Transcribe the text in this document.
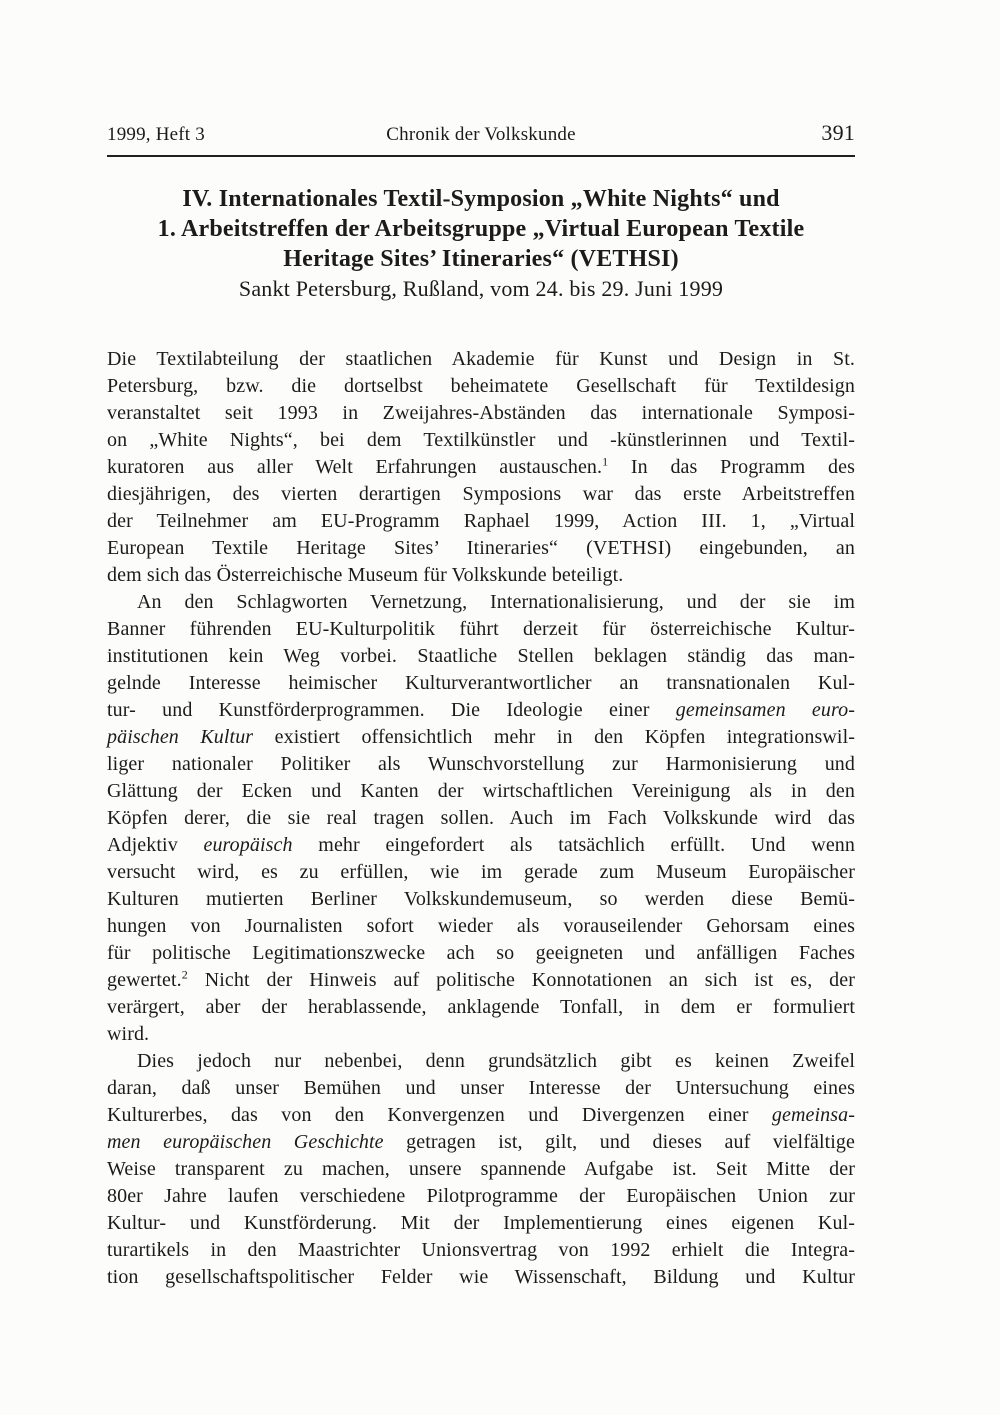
1999, Heft 3	Chronik der Volkskunde	391
IV. Internationales Textil-Symposion „White Nights“ und
1. Arbeitstreffen der Arbeitsgruppe „Virtual European Textile
Heritage Sites’ Itineraries“ (VETHSI)
Sankt Petersburg, Rußland, vom 24. bis 29. Juni 1999

Die Textilabteilung der staatlichen Akademie für Kunst und Design in St.
Petersburg, bzw. die dortselbst beheimatete Gesellschaft für Textildesign
veranstaltet seit 1993 in Zweijahres-Abständen das internationale Symposi-
on „White Nights“, bei dem Textilkünstler und -künstlerinnen und Textil-
kuratoren aus aller Welt Erfahrungen austauschen.$^1$ In das Programm des
diesjährigen, des vierten derartigen Symposions war das erste Arbeitstreffen
der Teilnehmer am EU-Programm Raphael 1999, Action III. 1, „Virtual
European Textile Heritage Sites’ Itineraries“ (VETHSI) eingebunden, an
dem sich das Österreichische Museum für Volkskunde beteiligt.

An den Schlagworten Vernetzung, Internationalisierung, und der sie im
Banner führenden EU-Kulturpolitik führt derzeit für österreichische Kultur-
institutionen kein Weg vorbei. Staatliche Stellen beklagen ständig das man-
gelnde Interesse heimischer Kulturverantwortlicher an transnationalen Kul-
tur- und Kunstförderprogrammen. Die Ideologie einer gemeinsamen euro-
päischen Kultur existiert offensichtlich mehr in den Köpfen integrationswil-
liger nationaler Politiker als Wunschvorstellung zur Harmonisierung und
Glättung der Ecken und Kanten der wirtschaftlichen Vereinigung als in den
Köpfen derer, die sie real tragen sollen. Auch im Fach Volkskunde wird das
Adjektiv europäisch mehr eingefordert als tatsächlich erfüllt. Und wenn
versucht wird, es zu erfüllen, wie im gerade zum Museum Europäischer
Kulturen mutierten Berliner Volkskundemuseum, so werden diese Bemü-
hungen von Journalisten sofort wieder als vorauseilender Gehorsam eines
für politische Legitimationszwecke ach so geeigneten und anfälligen Faches
gewertet.$^2$ Nicht der Hinweis auf politische Konnotationen an sich ist es, der
verärgert, aber der herablassende, anklagende Tonfall, in dem er formuliert
wird.

Dies jedoch nur nebenbei, denn grundsätzlich gibt es keinen Zweifel
daran, daß unser Bemühen und unser Interesse der Untersuchung eines
Kulturerbes, das von den Konvergenzen und Divergenzen einer gemeinsa-
men europäischen Geschichte getragen ist, gilt, und dieses auf vielfältige
Weise transparent zu machen, unsere spannende Aufgabe ist. Seit Mitte der
80er Jahre laufen verschiedene Pilotprogramme der Europäischen Union zur
Kultur- und Kunstförderung. Mit der Implementierung eines eigenen Kul-
turartikels in den Maastrichter Unionsvertrag von 1992 erhielt die Integra-
tion gesellschaftspolitischer Felder wie Wissenschaft, Bildung und Kultur
